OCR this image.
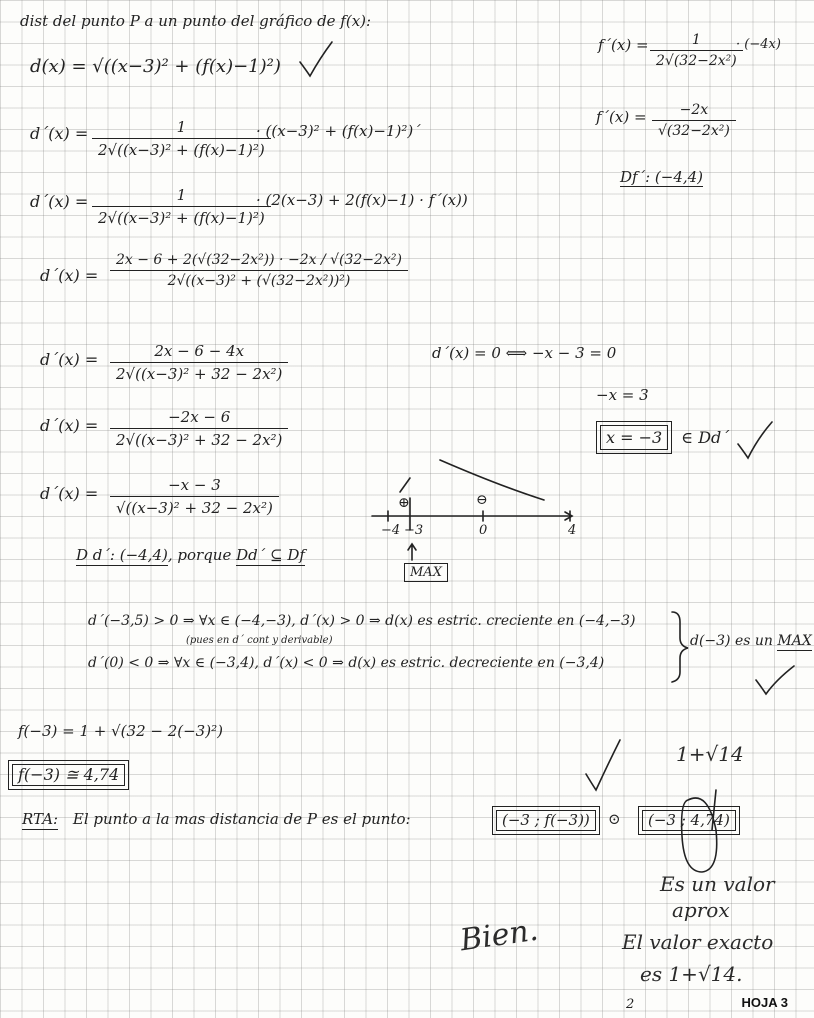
dist del punto P a un punto del gráfico de f(x):
d(x) = √((x−3)² + (f(x)−1)²)
d´(x) =	1
2√((x−3)² + (f(x)−1)²)
· ((x−3)² + (f(x)−1)²)´
d´(x) =	1
2√((x−3)² + (f(x)−1)²)
· (2(x−3) + 2(f(x)−1) · f´(x))
d´(x) =
2x − 6 + 2(√(32−2x²)) · −2x / √(32−2x²)
2√((x−3)² + (√(32−2x²))²)
d´(x) =	2x − 6 − 4x
2√((x−3)² + 32 − 2x²)
d´(x) =	−2x − 6
2√((x−3)² + 32 − 2x²)
d´(x) =	−x − 3
√((x−3)² + 32 − 2x²)
D d´: (−4,4), porque Dd´ ⊆ Df
f´(x) =	1
2√(32−2x²)
· (−4x)
f´(x) =	−2x
√(32−2x²)
Df´: (−4,4)
d´(x) = 0 ⟺ −x − 3 = 0
−x = 3
x = −3 ∈ Dd´
⊕	⊖
−4 −3	0	4
MAX
d´(−3,5) > 0 ⇒ ∀x ∈ (−4,−3), d´(x) > 0 ⇒ d(x) es estric. creciente en (−4,−3)
(pues en d´ cont y derivable)
d´(0) < 0 ⇒ ∀x ∈ (−3,4), d´(x) < 0 ⇒ d(x) es estric. decreciente en (−3,4)
d(−3) es un MAX
f(−3) = 1 + √(32 − 2(−3)²)
f(−3) ≅ 4,74
RTA: El punto a la mas distancia de P es el punto:	(−3 ; f(−3))	⊙	(−3 ; 4,74)
1+√14
Es un valor
aprox
El valor exacto
es 1+√14.
Bien.
2	HOJA 3
